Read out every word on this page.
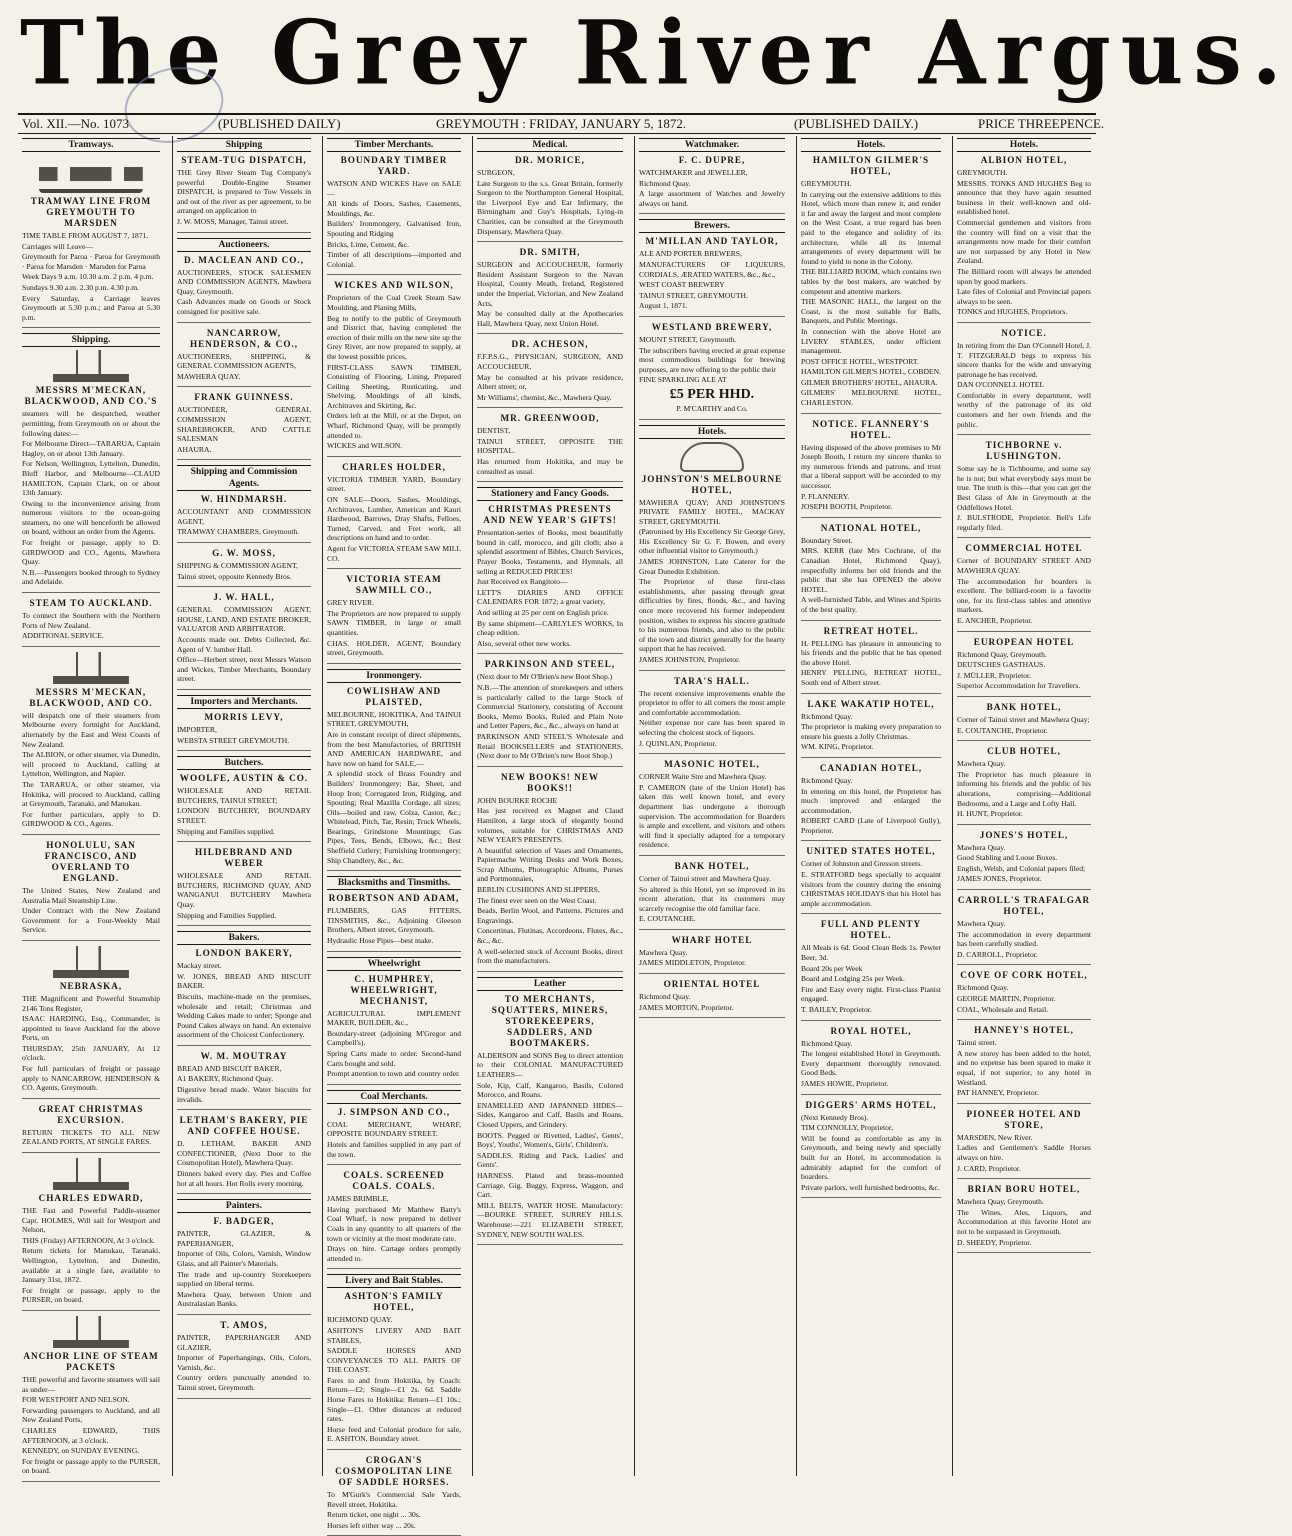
The Grey River Argus.
Vol. XII.—No. 1073	(PUBLISHED DAILY)	GREYMOUTH : FRIDAY, JANUARY 5, 1872.	(PUBLISHED DAILY.)	PRICE THREEPENCE.
Tramways.
TRAMWAY LINE FROM GREYMOUTH TO MARSDEN

TIME TABLE FROM AUGUST 7, 1871.

Carriages will Leave—

Greymouth for Paroa · Paroa for Greymouth · Paroa for Marsden · Marsden for Paroa

Week Days 9 a.m. 10.30 a.m. 2 p.m. 4 p.m.

Sundays 9.30 a.m. 2.30 p.m. 4.30 p.m.

Every Saturday, a Carriage leaves Greymouth at 5.30 p.m.; and Paroa at 5.30 p.m.

Shipping.
MESSRS M'MECKAN, BLACKWOOD, AND CO.'S

steamers will be despatched, weather permitting, from Greymouth on or about the following dates:—

For Melbourne Direct—TARARUA, Captain Hagley, on or about 13th January.

For Nelson, Wellington, Lyttelton, Dunedin, Bluff Harbor, and Melbourne—CLAUD HAMILTON, Captain Clark, on or about 13th January.

Owing to the inconvenience arising from numerous visitors to the ocean-going steamers, no one will henceforth be allowed on board, without an order from the Agents.

For freight or passage, apply to D. GIRDWOOD and CO., Agents, Mawhera Quay.

N.B.—Passengers booked through to Sydney and Adelaide.

STEAM TO AUCKLAND.

To connect the Southern with the Northern Ports of New Zealand.

ADDITIONAL SERVICE.

MESSRS M'MECKAN, BLACKWOOD, AND CO.

will despatch one of their steamers from Melbourne every fortnight for Auckland, alternately by the East and West Coasts of New Zealand.

The ALBION, or other steamer, via Dunedin, will proceed to Auckland, calling at Lyttelton, Wellington, and Napier.

The TARARUA, or other steamer, via Hokitika, will proceed to Auckland, calling at Greymouth, Taranaki, and Manukau.

For further particulars, apply to D. GIRDWOOD & CO., Agents.

HONOLULU, SAN FRANCISCO, AND OVERLAND TO ENGLAND.

The United States, New Zealand and Australia Mail Steamship Line.

Under Contract with the New Zealand Government for a Four-Weekly Mail Service.

NEBRASKA,

THE Magnificent and Powerful Steamship 2146 Tons Register,

ISAAC HARDING, Esq., Commander, is appointed to leave Auckland for the above Ports, on

THURSDAY, 25th JANUARY, At 12 o'clock.

For full particulars of freight or passage apply to NANCARROW, HENDERSON & CO. Agents, Greymouth.

GREAT CHRISTMAS EXCURSION.

RETURN TICKETS TO ALL NEW ZEALAND PORTS, AT SINGLE FARES.

CHARLES EDWARD,

THE Fast and Powerful Paddle-steamer Capt. HOLMES, Will sail for Westport and Nelson,

THIS (Friday) AFTERNOON, At 3 o'clock.

Return tickets for Manukau, Taranaki, Wellington, Lyttelton, and Dunedin, available at a single fare, available to January 31st, 1872.

For freight or passage, apply to the PURSER, on board.

ANCHOR LINE OF STEAM PACKETS

THE powerful and favorite steamers will sail as under—

FOR WESTPORT AND NELSON.

Forwarding passengers to Auckland, and all New Zealand Ports,

CHARLES EDWARD, THIS AFTERNOON, at 3 o'clock.

KENNEDY, on SUNDAY EVENING.

For freight or passage apply to the PURSER, on board.

Shipping
STEAM-TUG DISPATCH,

THE Grey River Steam Tug Company's powerful Double-Engine Steamer DISPATCH, is prepared to Tow Vessels in and out of the river as per agreement, to be arranged on application to

J. W. MOSS, Manager, Tainui street.

Auctioneers.
D. MACLEAN AND CO.,

AUCTIONEERS, STOCK SALESMEN AND COMMISSION AGENTS, Mawhera Quay, Greymouth.

Cash Advances made on Goods or Stock consigned for positive sale.

NANCARROW, HENDERSON, & CO.,

AUCTIONEERS, SHIPPING, & GENERAL COMMISSION AGENTS,

MAWHERA QUAY.

FRANK GUINNESS.

AUCTIONEER, GENERAL COMMISSION AGENT, SHAREBROKER, AND CATTLE SALESMAN

AHAURA.

Shipping and Commission Agents.
W. HINDMARSH.

ACCOUNTANT AND COMMISSION AGENT,

TRAMWAY CHAMBERS, Greymouth.

G. W. MOSS,

SHIPPING & COMMISSION AGENT,

Tainui street, opposite Kennedy Bros.

J. W. HALL,

GENERAL COMMISSION AGENT, HOUSE, LAND, AND ESTATE BROKER, VALUATOR AND ARBITRATOR.

Accounts made out. Debts Collected, &c. Agent of V. lumber Hall.

Office—Herbert street, next Messrs Watson and Wickes, Timber Merchants, Boundary street.

Importers and Merchants.
MORRIS LEVY,

IMPORTER,

WEBSTA STREET GREYMOUTH.

Butchers.
WOOLFE, AUSTIN & CO.

WHOLESALE AND RETAIL BUTCHERS, TAINUI STREET;

LONDON BUTCHERY, BOUNDARY STREET.

Shipping and Families supplied.

HILDEBRAND AND WEBER

WHOLESALE AND RETAIL BUTCHERS, RICHMOND QUAY, AND WANGANUI BUTCHERY Mawhera Quay.

Shipping and Families Supplied.

Bakers.
LONDON BAKERY,

Mackay street.

W. JONES, BREAD AND BISCUIT BAKER.

Biscuits, machine-made on the premises, wholesale and retail; Christmas and Wedding Cakes made to order; Sponge and Pound Cakes always on hand. An extensive assortment of the Choicest Confectionery.

W. M. MOUTRAY

BREAD AND BISCUIT BAKER,

A1 BAKERY, Richmond Quay.

Digestive bread made. Water biscuits for invalids.

LETHAM'S BAKERY, PIE AND COFFEE HOUSE.

D. LETHAM, BAKER AND CONFECTIONER, (Next Door to the Cosmopolitan Hotel), Mawhera Quay.

Dinners baked every day. Pies and Coffee hot at all hours. Hot Rolls every morning.

Painters.
F. BADGER,

PAINTER, GLAZIER, & PAPERHANGER,

Importer of Oils, Colors, Varnish, Window Glass, and all Painter's Materials.

The trade and up-country Storekeepers supplied on liberal terms.

Mawhera Quay, between Union and Australasian Banks.

T. AMOS,

PAINTER, PAPERHANGER AND GLAZIER,

Importer of Paperhangings, Oils, Colors, Varnish, &c.

Country orders punctually attended to. Tainui street, Greymouth.

Timber Merchants.
BOUNDARY TIMBER YARD.

WATSON AND WICKES Have on SALE—

All kinds of Doors, Sashes, Casements, Mouldings, &c.

Builders' Ironmongery, Galvanised Iron, Spouting and Ridging

Bricks, Lime, Cement, &c.

Timber of all descriptions—imported and Colonial.

WICKES AND WILSON,

Proprietors of the Coal Creek Steam Saw Moulding, and Planing Mills,

Beg to notify to the public of Greymouth and District that, having completed the erection of their mills on the new site up the Grey River, are now prepared to supply, at the lowest possible prices,

FIRST-CLASS SAWN TIMBER, Consisting of Flooring, Lining, Prepared Ceiling Sheeting, Rusticating, and Shelving, Mouldings of all kinds, Architraves and Skirting, &c.

Orders left at the Mill, or at the Depot, on Wharf, Richmond Quay, will be promptly attended to.

WICKES and WILSON.

CHARLES HOLDER,

VICTORIA TIMBER YARD, Boundary street.

ON SALE—Doors, Sashes, Mouldings, Architraves, Lumber, American and Kauri Hardwood, Barrows, Dray Shafts, Felloes, Turned, Carved, and Fret work, all descriptions on hand and to order.

Agent for VICTORIA STEAM SAW MILL CO.

VICTORIA STEAM SAWMILL CO.,

GREY RIVER.

The Proprietors are now prepared to supply SAWN TIMBER, in large or small quantities.

CHAS. HOLDER, AGENT, Boundary street, Greymouth.

Ironmongery.
COWLISHAW AND PLAISTED,

MELBOURNE, HOKITIKA, And TAINUI STREET, GREYMOUTH,

Are in constant receipt of direct shipments, from the best Manufactories, of BRITISH AND AMERICAN HARDWARE, and have now on hand for SALE,—

A splendid stock of Brass Foundry and Builders' Ironmongery; Bar, Sheet, and Hoop Iron; Corrugated Iron, Ridging, and Spouting; Real Mazilla Cordage, all sizes; Oils—boiled and raw, Colza, Castor, &c.; Whitelead, Pitch, Tar, Resin; Truck Wheels, Bearings, Grindstone Mountings; Gas Pipes, Tees, Bends, Elbows, &c.; Best Sheffield Cutlery; Furnishing Ironmongery; Ship Chandlery, &c., &c.

Blacksmiths and Tinsmiths.
ROBERTSON AND ADAM,

PLUMBERS, GAS FITTERS, TINSMITHS, &c., Adjoining Gleeson Brothers, Albert street, Greymouth.

Hydraulic Hose Pipes—best make.

Wheelwright
C. HUMPHREY, WHEELWRIGHT, MECHANIST,

AGRICULTURAL IMPLEMENT MAKER, BUILDER, &c.,

Boundary-street (adjoining M'Gregor and Campbell's).

Spring Carts made to order. Second-hand Carts bought and sold.

Prompt attention to town and country order.

Coal Merchants.
J. SIMPSON AND CO.,

COAL MERCHANT, WHARF, OPPOSITE BOUNDARY STREET.

Hotels and families supplied in any part of the town.

COALS. SCREENED COALS. COALS.

JAMES BRIMBLE,

Having purchased Mr Matthew Batty's Coal Wharf, is now prepared to deliver Coals in any quantity to all quarters of the town or vicinity at the most moderate rate.

Drays on hire. Cartage orders promptly attended to.

Livery and Bait Stables.
ASHTON'S FAMILY HOTEL,

RICHMOND QUAY.

ASHTON'S LIVERY AND BAIT STABLES,

SADDLE HORSES AND CONVEYANCES TO ALL PARTS OF THE COAST.

Fares to and from Hokitika, by Coach: Return—£2; Single—£1 2s. 6d. Saddle Horse Fares to Hokitika: Return—£1 10s.; Single—£1. Other distances at reduced rates.

Horse feed and Colonial produce for sale, E. ASHTON, Boundary street.

CROGAN'S COSMOPOLITAN LINE OF SADDLE HORSES.

To M'Gurk's Commercial Sale Yards, Revell street, Hokitika.

Return ticket, one night ... 30s.

Horses left either way ... 20s.

Medical.
DR. MORICE,

SURGEON,

Late Surgeon to the s.s. Great Britain, formerly Surgeon to the Northampton General Hospital, the Liverpool Eye and Ear Infirmary, the Birmingham and Guy's Hospitals, Lying-in Charities, can be consulted at the Greymouth Dispensary, Mawhera Quay.

DR. SMITH,

SURGEON and ACCOUCHEUR, formerly Resident Assistant Surgeon to the Navan Hospital, County Meath, Ireland, Registered under the Imperial, Victorian, and New Zealand Acts,

May be consulted daily at the Apothecaries Hall, Mawhera Quay, next Union Hotel.

DR. ACHESON,

F.F.P.S.G., PHYSICIAN, SURGEON, AND ACCOUCHEUR,

May be consulted at his private residence, Albert street; or,

Mr Williams', chemist, &c., Mawhera Quay.

MR. GREENWOOD,

DENTIST,

TAINUI STREET, OPPOSITE THE HOSPITAL.

Has returned from Hokitika, and may be consulted as usual.

Stationery and Fancy Goods.
CHRISTMAS PRESENTS AND NEW YEAR'S GIFTS!

Presentation-series of Books, most beautifully bound in calf, morocco, and gilt cloth; also a splendid assortment of Bibles, Church Services, Prayer Books, Testaments, and Hymnals, all selling at REDUCED PRICES!

Just Received ex Rangitoto—

LETT'S DIARIES AND OFFICE CALENDARS FOR 1872; a great variety,

And selling at 25 per cent on English price.

By same shipment—CARLYLE'S WORKS, In cheap edition.

Also, several other new works.

PARKINSON AND STEEL,

(Next door to Mr O'Brien's new Boot Shop.)

N.B.—The attention of storekeepers and others is particularly called to the large Stock of Commercial Stationery, consisting of Account Books, Memo Books, Ruled and Plain Note and Letter Papers, &c., &c., always on hand at

PARKINSON AND STEEL'S Wholesale and Retail BOOKSELLERS and STATIONERS, (Next door to Mr O'Brien's new Boot Shop.)

NEW BOOKS! NEW BOOKS!!

JOHN BOURKE ROCHE

Has just received ex Magnet and Claud Hamilton, a large stock of elegantly bound volumes, suitable for CHRISTMAS AND NEW YEAR'S PRESENTS.

A beautiful selection of Vases and Ornaments, Papiermache Writing Desks and Work Boxes, Scrap Albums, Photographic Albums, Purses and Portmonnaies,

BERLIN CUSHIONS AND SLIPPERS,

The finest ever seen on the West Coast.

Beads, Berlin Wool, and Patterns. Pictures and Engravings.

Concertinas, Flutinas, Accordeons, Flutes, &c., &c., &c.

A well-selected stock of Account Books, direct from the manufacturers.

Leather
TO MERCHANTS, SQUATTERS, MINERS, STOREKEEPERS, SADDLERS, AND BOOTMAKERS.

ALDERSON and SONS Beg to direct attention to their COLONIAL MANUFACTURED LEATHERS—

Sole, Kip, Calf, Kangaroo, Basils, Colored Morocco, and Roans.

ENAMELLED AND JAPANNED HIDES—Sides, Kangaroo and Calf, Basils and Roans, Closed Uppers, and Grindery.

BOOTS. Pegged or Rivetted, Ladies', Gents', Boys', Youths', Women's, Girls', Children's.

SADDLES. Riding and Pack, Ladies' and Gents'.

HARNESS. Plated and brass-mounted Carriage, Gig, Buggy, Express, Waggon, and Cart.

MILL BELTS, WATER HOSE. Manufactory:—BOURKE STREET, SURREY HILLS. Warehouse:—221 ELIZABETH STREET, SYDNEY, NEW SOUTH WALES.

Watchmaker.
F. C. DUPRE,

WATCHMAKER and JEWELLER,

Richmond Quay.

A large assortment of Watches and Jewelry always on hand.

Brewers.
M'MILLAN AND TAYLOR,

ALE AND PORTER BREWERS,

MANUFACTURERS OF LIQUEURS, CORDIALS, ÆRATED WATERS, &c., &c.,

WEST COAST BREWERY

TAINUI STREET, GREYMOUTH.

August 1, 1871.

WESTLAND BREWERY,

MOUNT STREET, Greymouth.

The subscribers having erected at great expense most commodious buildings for brewing purposes, are now offering to the public their

FINE SPARKLING ALE AT

£5 PER HHD.

P. M'CARTHY and Co.

Hotels.
JOHNSTON'S MELBOURNE HOTEL,

MAWHERA QUAY; AND JOHNSTON'S PRIVATE FAMILY HOTEL, MACKAY STREET, GREYMOUTH.

(Patronised by His Excellency Sir George Grey, His Excellency Sir G. F. Bowen, and every other influential visitor to Greymouth.)

JAMES JOHNSTON, Late Caterer for the Great Dunedin Exhibition.

The Proprietor of these first-class establishments, after passing through great difficulties by fires, floods, &c., and having once more recovered his former independent position, wishes to express his sincere gratitude to his numerous friends, and also to the public of the town and district generally for the hearty support that he has received.

JAMES JOHNSTON, Proprietor.

TARA'S HALL.

The recent extensive improvements enable the proprietor to offer to all comers the most ample and comfortable accommodation.

Neither expense nor care has been spared in selecting the choicest stock of liquors.

J. QUINLAN, Proprietor.

MASONIC HOTEL,

CORNER Waite Stre and Mawhera Quay.

P. CAMERON (late of the Union Hotel) has taken this well known hotel, and every department has undergone a thorough supervision. The accommodation for Boarders is ample and excellent, and visitors and others will find it specially adapted for a temporary residence.

BANK HOTEL,

Corner of Tainui street and Mawhera Quay.

So altered is this Hotel, yet so improved in its recent alteration, that its customers may scarcely recognise the old familiar face.

E. COUTANCHE.

WHARF HOTEL

Mawhera Quay.

JAMES MIDDLETON, Proprietor.

ORIENTAL HOTEL

Richmond Quay.

JAMES MORTON, Proprietor.

Hotels.
HAMILTON GILMER'S HOTEL,

GREYMOUTH.

In carrying out the extensive additions to this Hotel, which more than renew it, and render it far and away the largest and most complete on the West Coast, a true regard has been paid to the elegance and solidity of its architecture, while all its internal arrangements of every department will be found to yield to none in the Colony.

THE BILLIARD ROOM, which contains two tables by the best makers, are watched by competent and attentive markers.

THE MASONIC HALL, the largest on the Coast, is the most suitable for Balls, Banquets, and Public Meetings.

In connection with the above Hotel are LIVERY STABLES, under efficient management.

POST OFFICE HOTEL, WESTPORT.

HAMILTON GILMER'S HOTEL, COBDEN.

GILMER BROTHERS' HOTEL, AHAURA.

GILMERS' MELBOURNE HOTEL, CHARLESTON.

NOTICE. FLANNERY'S HOTEL.

Having disposed of the above premises to Mr Joseph Booth, I return my sincere thanks to my numerous friends and patrons, and trust that a liberal support will be accorded to my successor.

P. FLANNERY.

JOSEPH BOOTH, Proprietor.

NATIONAL HOTEL,

Boundary Street.

MRS. KERR (late Mrs Cochrane, of the Canadian Hotel, Richmond Quay), respectfully informs her old friends and the public that she has OPENED the above HOTEL.

A well-furnished Table, and Wines and Spirits of the best quality.

RETREAT HOTEL.

H. PELLING has pleasure in announcing to his friends and the public that he has opened the above Hotel.

HENRY PELLING, RETREAT HOTEL, South end of Albert street.

LAKE WAKATIP HOTEL,

Richmond Quay.

The proprietor is making every preparation to ensure his guests a Jolly Christmas.

WM. KING, Proprietor.

CANADIAN HOTEL,

Richmond Quay.

In entering on this hotel, the Proprietor has much improved and enlarged the accommodation.

ROBERT CARD (Late of Liverpool Gully), Proprietor.

UNITED STATES HOTEL,

Corner of Johnston and Gresson streets.

E. STRATFORD begs specially to acquaint visitors from the country during the ensuing CHRISTMAS HOLIDAYS that his Hotel has ample accommodation.

FULL AND PLENTY HOTEL.

All Meals is 6d. Good Clean Beds 1s. Pewter Beer, 3d.

Board 20s per Week

Board and Lodging 25s per Week.

Fire and Easy every night. First-class Pianist engaged.

T. BAILEY, Proprietor.

ROYAL HOTEL,

Richmond Quay.

The longest established Hotel in Greymouth. Every department thoroughly renovated. Good Beds.

JAMES HOWIE, Proprietor.

DIGGERS' ARMS HOTEL,

(Next Kennedy Bros).

TIM CONNOLLY, Proprietor,

Will be found as comfortable as any in Greymouth, and being newly and specially built for an Hotel, its accommodation is admirably adapted for the comfort of boarders.

Private parlors, well furnished bedrooms, &c.

Hotels.
ALBION HOTEL,

GREYMOUTH.

MESSRS. TONKS AND HUGHES Beg to announce that they have again resumed business in their well-known and old-established hotel.

Commercial gentlemen and visitors from the country will find on a visit that the arrangements now made for their comfort are not surpassed by any Hotel in New Zealand.

The Billiard room will always be attended upon by good markers.

Late files of Colonial and Provincial papers always to be seen.

TONKS and HUGHES, Proprietors.

NOTICE.

In retiring from the Dan O'Connell Hotel, J. T. FITZGERALD begs to express his sincere thanks for the wide and unvarying patronage he has received.

DAN O'CONNELL HOTEL

Comfortable in every department, well worthy of the patronage of its old customers and her own friends and the public.

TICHBORNE v. LUSHINGTON.

Some say he is Tichbourne, and some say he is not; but what everybody says must be true. The truth is this—that you can get the Best Glass of Ale in Greymouth at the Oddfellows Hotel.

J. BULSTRODE, Proprietor. Bell's Life regularly filed.

COMMERCIAL HOTEL

Corner of BOUNDARY STREET AND MAWHERA QUAY.

The accommodation for boarders is excellent. The billiard-room is a favorite one, for its first-class tables and attentive markers.

E. ANCHER, Proprietor.

EUROPEAN HOTEL

Richmond Quay, Greymouth.

DEUTSCHES GASTHAUS.

J. MÜLLER, Proprietor.

Superior Accommodation for Travellers.

BANK HOTEL,

Corner of Tainui street and Mawhera Quay;

E. COUTANCHE, Proprietor.

CLUB HOTEL,

Mawhera Quay.

The Proprietor has much pleasure in informing his friends and the public of his alterations, comprising—Additional Bedrooms, and a Large and Lofty Hall.

H. HUNT, Proprietor.

JONES'S HOTEL,

Mawhera Quay.

Good Stabling and Loose Boxes.

English, Welsh, and Colonial papers filed;

JAMES JONES, Proprietor.

CARROLL'S TRAFALGAR HOTEL,

Mawhera Quay.

The accommodation in every department has been carefully studied.

D. CARROLL, Proprietor.

COVE OF CORK HOTEL,

Richmond Quay.

GEORGE MARTIN, Proprietor.

COAL, Wholesale and Retail.

HANNEY'S HOTEL,

Tainui street.

A new storey has been added to the hotel, and no expense has been spared to make it equal, if not superior, to any hotel in Westland.

PAT HANNEY, Proprietor.

PIONEER HOTEL AND STORE,

MARSDEN, New River.

Ladies and Gentlemen's Saddle Horses always on hire.

J. CARD, Proprietor.

BRIAN BORU HOTEL,

Mawhera Quay, Greymouth.

The Wines, Ales, Liquors, and Accommodation at this favorite Hotel are not to be surpassed in Greymouth.

D. SHEEDY, Proprietor.
